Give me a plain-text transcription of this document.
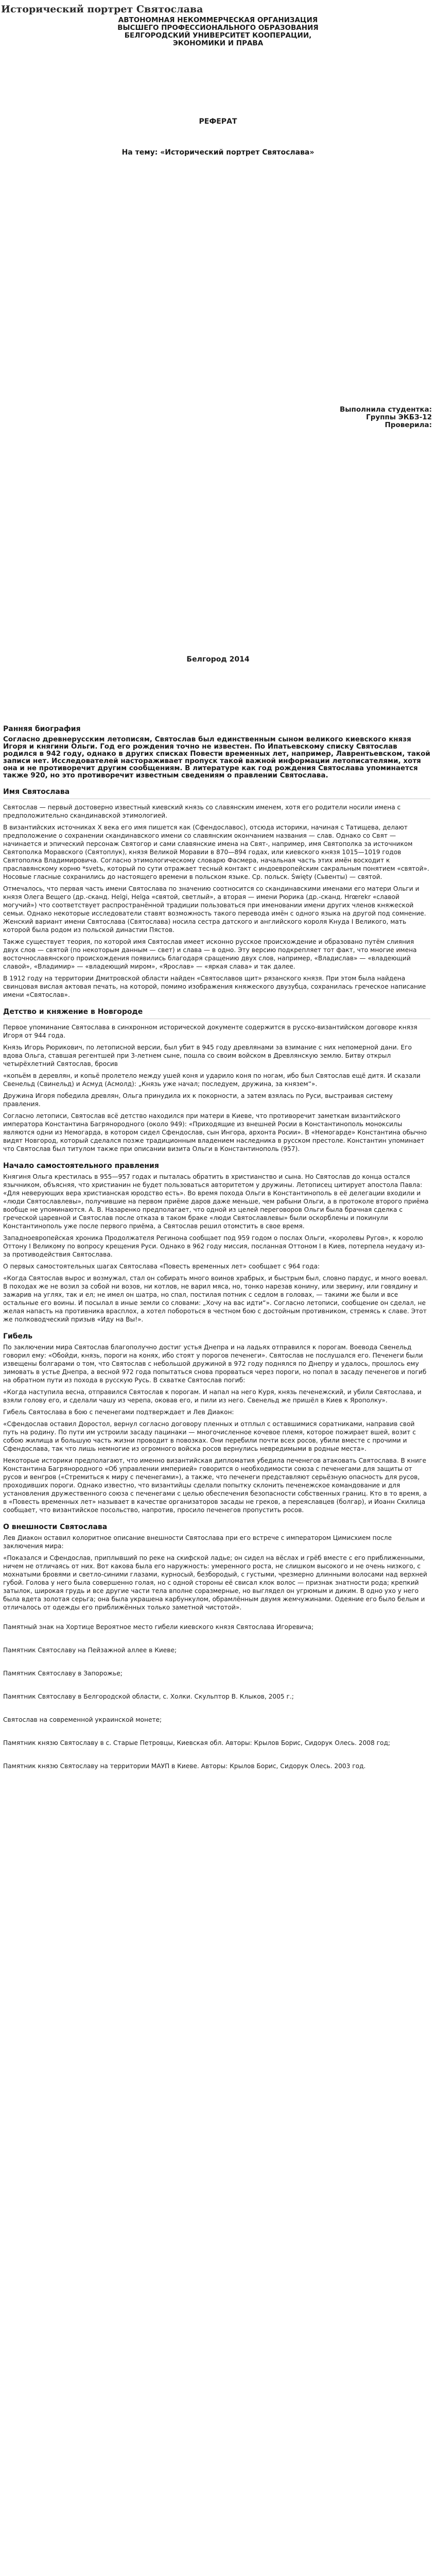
Исторический портрет Святослава
АВТОНОМНАЯ НЕКОММЕРЧЕСКАЯ ОРГАНИЗАЦИЯ
ВЫСШЕГО ПРОФЕССИОНАЛЬНОГО ОБРАЗОВАНИЯ
БЕЛГОРОДСКИЙ УНИВЕРСИТЕТ КООПЕРАЦИИ,
ЭКОНОМИКИ И ПРАВА
РЕФЕРАТ
На тему: «Исторический портрет Святослава»
Выполнила студентка:
Группы ЭКБЗ-12
Проверила:
Белгород 2014
Ранняя биография
Согласно древнерусским летописям, Святослав был единственным сыном великого киевского князя Игоря и княгини Ольги. Год его рождения точно не известен. По Ипатьевскому списку Святослав родился в 942 году, однако в других списках Повести временных лет, например, Лаврентьевском, такой записи нет. Исследователей настораживает пропуск такой важной информации летописателями, хотя она и не противоречит другим сообщениям. В литературе как год рождения Святослава упоминается также 920, но это противоречит известным сведениям о правлении Святослава.
Имя Святослава

Святослав — первый достоверно известный киевский князь со славянским именем, хотя его родители носили имена с предположительно скандинавской этимологией.

В византийских источниках X века его имя пишется как (Сфендославос), отсюда историки, начиная с Татищева, делают предположение о сохранении скандинавского имени со славянским окончанием названия — слав. Однако со Свят — начинается и эпический персонаж Святогор и сами славянские имена на Свят-, например, имя Святополка за источником Святополка Моравского (Святоплук), князя Великой Моравии в 870—894 годах, или киевского князя 1015—1019 годов Святополка Владимировича. Согласно этимологическому словарю Фасмера, начальная часть этих имён восходит к праславянскому корню *svetъ, который по сути отражает тесный контакт с индоевропейским сакральным понятием «святой». Носовые гласные сохранились до настоящего времени в польском языке. Ср. польск. Święty (Сьвенты) — святой.

Отмечалось, что первая часть имени Святослава по значению соотносится со скандинавскими именами его матери Ольги и князя Олега Вещего (др.-сканд. Helgi, Helga «святой, светлый», а вторая — имени Рюрика (др.-сканд. Hrœrekr «славой могучий») что соответствует распространённой традиции пользоваться при именовании имени других членов княжеской семьи. Однако некоторые исследователи ставят возможность такого перевода имён с одного языка на другой под сомнение. Женский вариант имени Святослава (Святослава) носила сестра датского и английского короля Кнуда I Великого, мать которой была родом из польской династии Пястов.

Также существует теория, по которой имя Святослав имеет исконно русское происхождение и образовано путём слияния двух слов — святой (по некоторым данным — свет) и слава — в одно. Эту версию подкрепляет тот факт, что многие имена восточнославянского происхождения появились благодаря сращению двух слов, например, «Владислав» — «владеющий славой», «Владимир» — «владеющий миром», «Ярослав» — «яркая слава» и так далее.

В 1912 году на территории Дмитровской области найден «Святославов щит» рязанского князя. При этом была найдена свинцовая вислая актовая печать, на которой, помимо изображения княжеского двузубца, сохранилась греческое написание имени «Святослав».

Детство и княжение в Новгороде

Первое упоминание Святослава в синхронном исторической документе содержится в русско-византийском договоре князя Игоря от 944 года.

Князь Игорь Рюрикович, по летописной версии, был убит в 945 году древлянами за взимание с них непомерной дани. Его вдова Ольга, ставшая регентшей при 3-летнем сыне, пошла со своим войском в Древлянскую землю. Битву открыл четырёхлетний Святослав, бросив

«копьём в деревлян, и копьё пролетело между ушей коня и ударило коня по ногам, ибо был Святослав ещё дитя. И сказали Свенельд (Свинельд) и Асмуд (Асмолд): „Князь уже начал; последуем, дружина, за князем“».

Дружина Игоря победила древлян, Ольга принудила их к покорности, а затем взялась по Руси, выстраивая систему правления.

Согласно летописи, Святослав всё детство находился при матери в Киеве, что противоречит заметкам византийского императора Константина Багрянородного (около 949): «Приходящие из внешней Росии в Константинополь моноксилы являются одни из Немогарда, в котором сидел Сфендослав, сын Ингора, архонта Росии». В «Немогарде» Константина обычно видят Новгород, который сделался позже традиционным владением наследника в русском престоле. Константин упоминает что Святослав был титулом также при описании визита Ольги в Константинополь (957).

Начало самостоятельного правления

Княгиня Ольга крестилась в 955—957 годах и пыталась обратить в христианство и сына. Но Святослав до конца остался язычником, объясняя, что христианин не будет пользоваться авторитетом у дружины. Летописец цитирует апостола Павла: «Для неверующих вера христианская юродство есть». Во время похода Ольги в Константинополь в её делегации входили и «люди Святославлевы», получившие на первом приёме даров даже меньше, чем рабыни Ольги, а в протоколе второго приёма вообще не упоминаются. А. В. Назаренко предполагает, что одной из целей переговоров Ольги была брачная сделка с греческой царевной и Святослав после отказа в таком браке «люди Святославлевы» были оскорблены и покинули Константинополь уже после первого приёма, а Святослав решил отомстить в свое время.

Западноевропейская хроника Продолжателя Регинона сообщает под 959 годом о послах Ольги, «королевы Ругов», к королю Оттону I Великому по вопросу крещения Руси. Однако в 962 году миссия, посланная Оттоном I в Киев, потерпела неудачу из-за противодействия Святослава.

О первых самостоятельных шагах Святослава «Повесть временных лет» сообщает с 964 года:

«Когда Святослав вырос и возмужал, стал он собирать много воинов храбрых, и быстрым был, словно пардус, и много воевал. В походах же не возил за собой ни возов, ни котлов, не варил мяса, но, тонко нарезав конину, или зверину, или говядину и зажарив на углях, так и ел; не имел он шатра, но спал, постилая потник с седлом в головах, — такими же были и все остальные его воины. И посылал в иные земли со словами: „Хочу на вас идти“». Согласно летописи, сообщение он сделал, не желая напасть на противника врасплох, а хотел побороться в честном бою с достойным противником, стремясь к славе. Этот же полководческий призыв «Иду на Вы!».

Гибель

По заключении мира Святослав благополучно достиг устья Днепра и на ладьях отправился к порогам. Воевода Свенельд говорил ему: «Обойди, князь, пороги на конях, ибо стоят у порогов печенеги». Святослав не послушался его. Печенеги были извещены болгарами о том, что Святослав с небольшой дружиной в 972 году поднялся по Днепру и удалось, прошлось ему зимовать в устье Днепра, а весной 972 года попытаться снова прорваться через пороги, но попал в засаду печенегов и погиб на обратном пути из похода в русскую Русь. В схватке Святослав погиб:

«Когда наступила весна, отправился Святослав к порогам. И напал на него Куря, князь печенежский, и убили Святослава, и взяли голову его, и сделали чашу из черепа, оковав его, и пили из него. Свенельд же пришёл в Киев к Ярополку».

Гибель Святослава в бою с печенегами подтверждает и Лев Диакон:

«Сфендослав оставил Доростол, вернул согласно договору пленных и отплыл с оставшимися соратниками, направив свой путь на родину. По пути им устроили засаду пацинаки — многочисленное кочевое племя, которое пожирает вшей, возит с собою жилища и большую часть жизни проводит в повозках. Они перебили почти всех росов, убили вместе с прочими и Сфендослава, так что лишь немногие из огромного войска росов вернулись невредимыми в родные места».

Некоторые историки предполагают, что именно византийская дипломатия убедила печенегов атаковать Святослава. В книге Константина Багрянородного «Об управлении империей» говорится о необходимости союза с печенегами для защиты от русов и венгров («Стремиться к миру с печенегами»), а также, что печенеги представляют серьёзную опасность для русов, проходивших пороги. Однако известно, что византийцы сделали попытку склонить печенежское командование и для установления дружественного союза с печенегами с целью обеспечения безопасности собственных границ. Кто в то время, а в «Повесть временных лет» называет в качестве организаторов засады не греков, а переяславцев (болгар), и Иоанн Скилица сообщает, что византийское посольство, напротив, просило печенегов пропустить росов.

О внешности Святослава

Лев Диакон оставил колоритное описание внешности Святослава при его встрече с императором Цимисхием после заключения мира:

«Показался и Сфендослав, приплывший по реке на скифской ладье; он сидел на вёслах и грёб вместе с его приближенными, ничем не отличаясь от них. Вот какова была его наружность: умеренного роста, не слишком высокого и не очень низкого, с мохнатыми бровями и светло-синими глазами, курносый, безбородый, с густыми, чрезмерно длинными волосами над верхней губой. Голова у него была совершенно голая, но с одной стороны её свисал клок волос — признак знатности рода; крепкий затылок, широкая грудь и все другие части тела вполне соразмерные, но выглядел он угрюмым и диким. В одно ухо у него была вдета золотая серьга; она была украшена карбункулом, обрамлённым двумя жемчужинами. Одеяние его было белым и отличалось от одежды его приближённых только заметной чистотой».

Памятный знак на Хортице Вероятное место гибели киевского князя Святослава Игоревича;

Памятник Святославу на Пейзажной аллее в Киеве;

Памятник Святославу в Запорожье;

Памятник Святославу в Белгородской области, с. Холки. Скульптор В. Клыков, 2005 г.;

Святослав на современной украинской монете;

Памятник князю Святославу в с. Старые Петровцы, Киевская обл. Авторы: Крылов Борис, Сидорук Олесь. 2008 год;

Памятник князю Святославу на территории МАУП в Киеве. Авторы: Крылов Борис, Сидорук Олесь. 2003 год.
